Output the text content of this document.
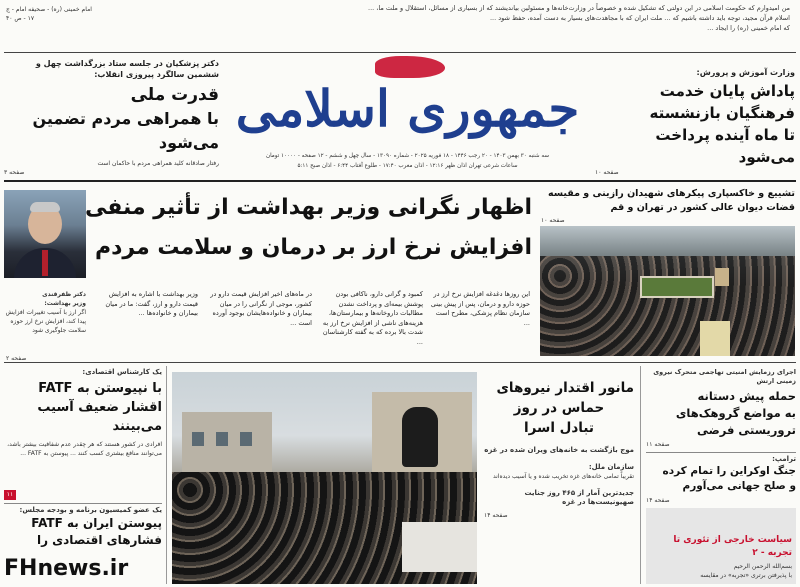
من امیدوارم که حکومت اسلامی در این دولتی که تشکیل شده و خصوصاً در وزارت‌خانه‌ها و مسئولین بیاندیشند که از بسیاری از مسائل، استقلال و ملت ما، ...
اسلام قرآن مجید، توجه باید داشته باشیم که ... ملت ایران که با مجاهدت‌های بسیار به دست آمده، حفظ شود ...
که امام خمینی (ره) را ایجاد ...
امام خمینی (ره) - صحیفه امام - ج ۱۷ - ص ۴۰
دکتر پزشکیان در جلسه ستاد بزرگداشت چهل و ششمین سالگرد پیروزی انقلاب:
قدرت ملی
با همراهی مردم تضمین می‌شود
رفتار صادقانه کلید همراهی مردم با حاکمان است
صفحه ۳
جمهوری اسلامی
سه شنبه ۳۰ بهمن ۱۴۰۳ - ۲۰ رجب ۱۴۴۶ - ۱۸ فوریه ۲۰۲۵ - شماره ۱۳۰۹۰ - سال چهل و ششم - ۱۲ صفحه - ۱۰۰۰۰ تومان
ساعات شرعی تهران اذان ظهر ۱۲:۱۶ - اذان مغرب ۱۷:۴۰ - طلوع آفتاب ۶:۴۴ - اذان صبح ۵:۱۱
وزارت آموزش و پرورش:
پاداش پایان خدمت
فرهنگیان بازنشسته
تا ماه آینده پرداخت می‌شود
صفحه ۱۰
اظهار نگرانی وزیر بهداشت از تأثیر منفی
افزایش نرخ ارز بر درمان و سلامت مردم
دکتر ظفرقندی
وزیر بهداشت:
اگر ارز با آسیب تغییرات افزایش پیدا کند، افزایش نرخ ارز حوزه سلامت جلوگیری شود
این روزها دغدغه افزایش نرخ ارز در حوزه دارو و درمان، پس از پیش بینی سازمان نظام پزشکی، مطرح است ...
کمبود و گرانی دارو، ناکافی بودن پوشش بیمه‌ای و پرداخت نشدن مطالبات داروخانه‌ها و بیمارستان‌ها، هزینه‌های ناشی از افزایش نرخ ارز به شدت بالا برده که به گفته کارشناسان ...
در ماه‌های اخیر افزایش قیمت دارو در کشور، موجی از نگرانی را در میان بیماران و خانواده‌هایشان بوجود آورده است ...
وزیر بهداشت با اشاره به افزایش قیمت دارو و ارز، گفت: ما در میان بیماران و خانواده‌ها ...
صفحه ۲
تشییع و خاکسپاری پیکرهای شهیدان رازینی و مقیسه
قضات دیوان عالی کشور در تهران و قم
صفحه ۱۰
یک کارشناس اقتصادی:
با نپیوستن به FATF
اقشار ضعیف آسیب
می‌بینند
افرادی در کشور هستند که هر چقدر عدم شفافیت بیشتر باشد، می‌توانند منافع بیشتری کسب کنند ... پیوستن به FATF ...
۱۱
یک عضو کمیسیون برنامه و بودجه مجلس:
پیوستن ایران به FATF
فشارهای اقتصادی را
FHnews.ir
مانور اقتدار نیروهای
حماس در روز
تبادل اسرا
موج بازگشت به خانه‌های ویران شده در غزه
سازمان ملل:
تقریباً تمامی خانه‌های غزه تخریب شده و یا آسیب دیده‌اند
جدیدترین آمار از ۴۶۵ روز جنایت صهیونیست‌ها در غزه
صفحه ۱۴
اجرای رزمایش امنیتی تهاجمی متحرک نیروی زمینی ارتش
حمله پیش دستانه
به مواضع گروهک‌های
تروریستی فرضی
صفحه ۱۱
ترامپ:
جنگ اوکراین را تمام کرده
و صلح جهانی می‌آورم
صفحه ۱۴
سیاست خارجی از تئوری تا تجربه - ۲
بسم‌الله الرحمن الرحیم
با پذیرفتن برتری «تجربه» در مقایسه
